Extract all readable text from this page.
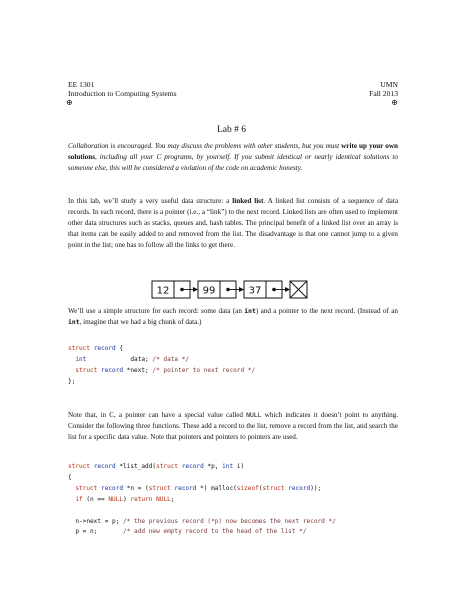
EE 1301	UMN
Introduction to Computing Systems	Fall 2013
⊕	⊕
Lab # 6

Collaboration is encouraged. You may discuss the problems with other students, but you must write up your own solutions, including all your C programs, by yourself. If you submit identical or nearly identical solutions to someone else, this will be considered a violation of the code on academic honesty.

In this lab, we’ll study a very useful data structure: a linked list. A linked list consists of a sequence of data records. In each record, there is a pointer (i.e., a “link”) to the next record. Linked lists are often used to implement other data structures such as stacks, queues and, hash tables. The principal benefit of a linked list over an array is that items can be easily added to and removed from the list. The disadvantage is that one cannot jump to a given point in the list; one has to follow all the links to get there.

12	99	37

We’ll use a simple structure for each record: some data (an int) and a pointer to the next record. (Instead of an int, imagine that we had a big chunk of data.)

struct record {
int            data; /* data */
struct record *next; /* pointer to next record */
};

Note that, in C, a pointer can have a special value called NULL which indicates it doesn’t point to anything. Consider the following three functions. These add a record to the list, remove a record from the list, and search the list for a specific data value. Note that pointers and pointers to pointers are used.

struct record *list_add(struct record *p, int i)
{
struct record *n = (struct record *) malloc(sizeof(struct record));
if (n == NULL) return NULL;

n->next = p; /* the previous record (*p) now becomes the next record */
p = n;       /* add new empty record to the head of the list */
